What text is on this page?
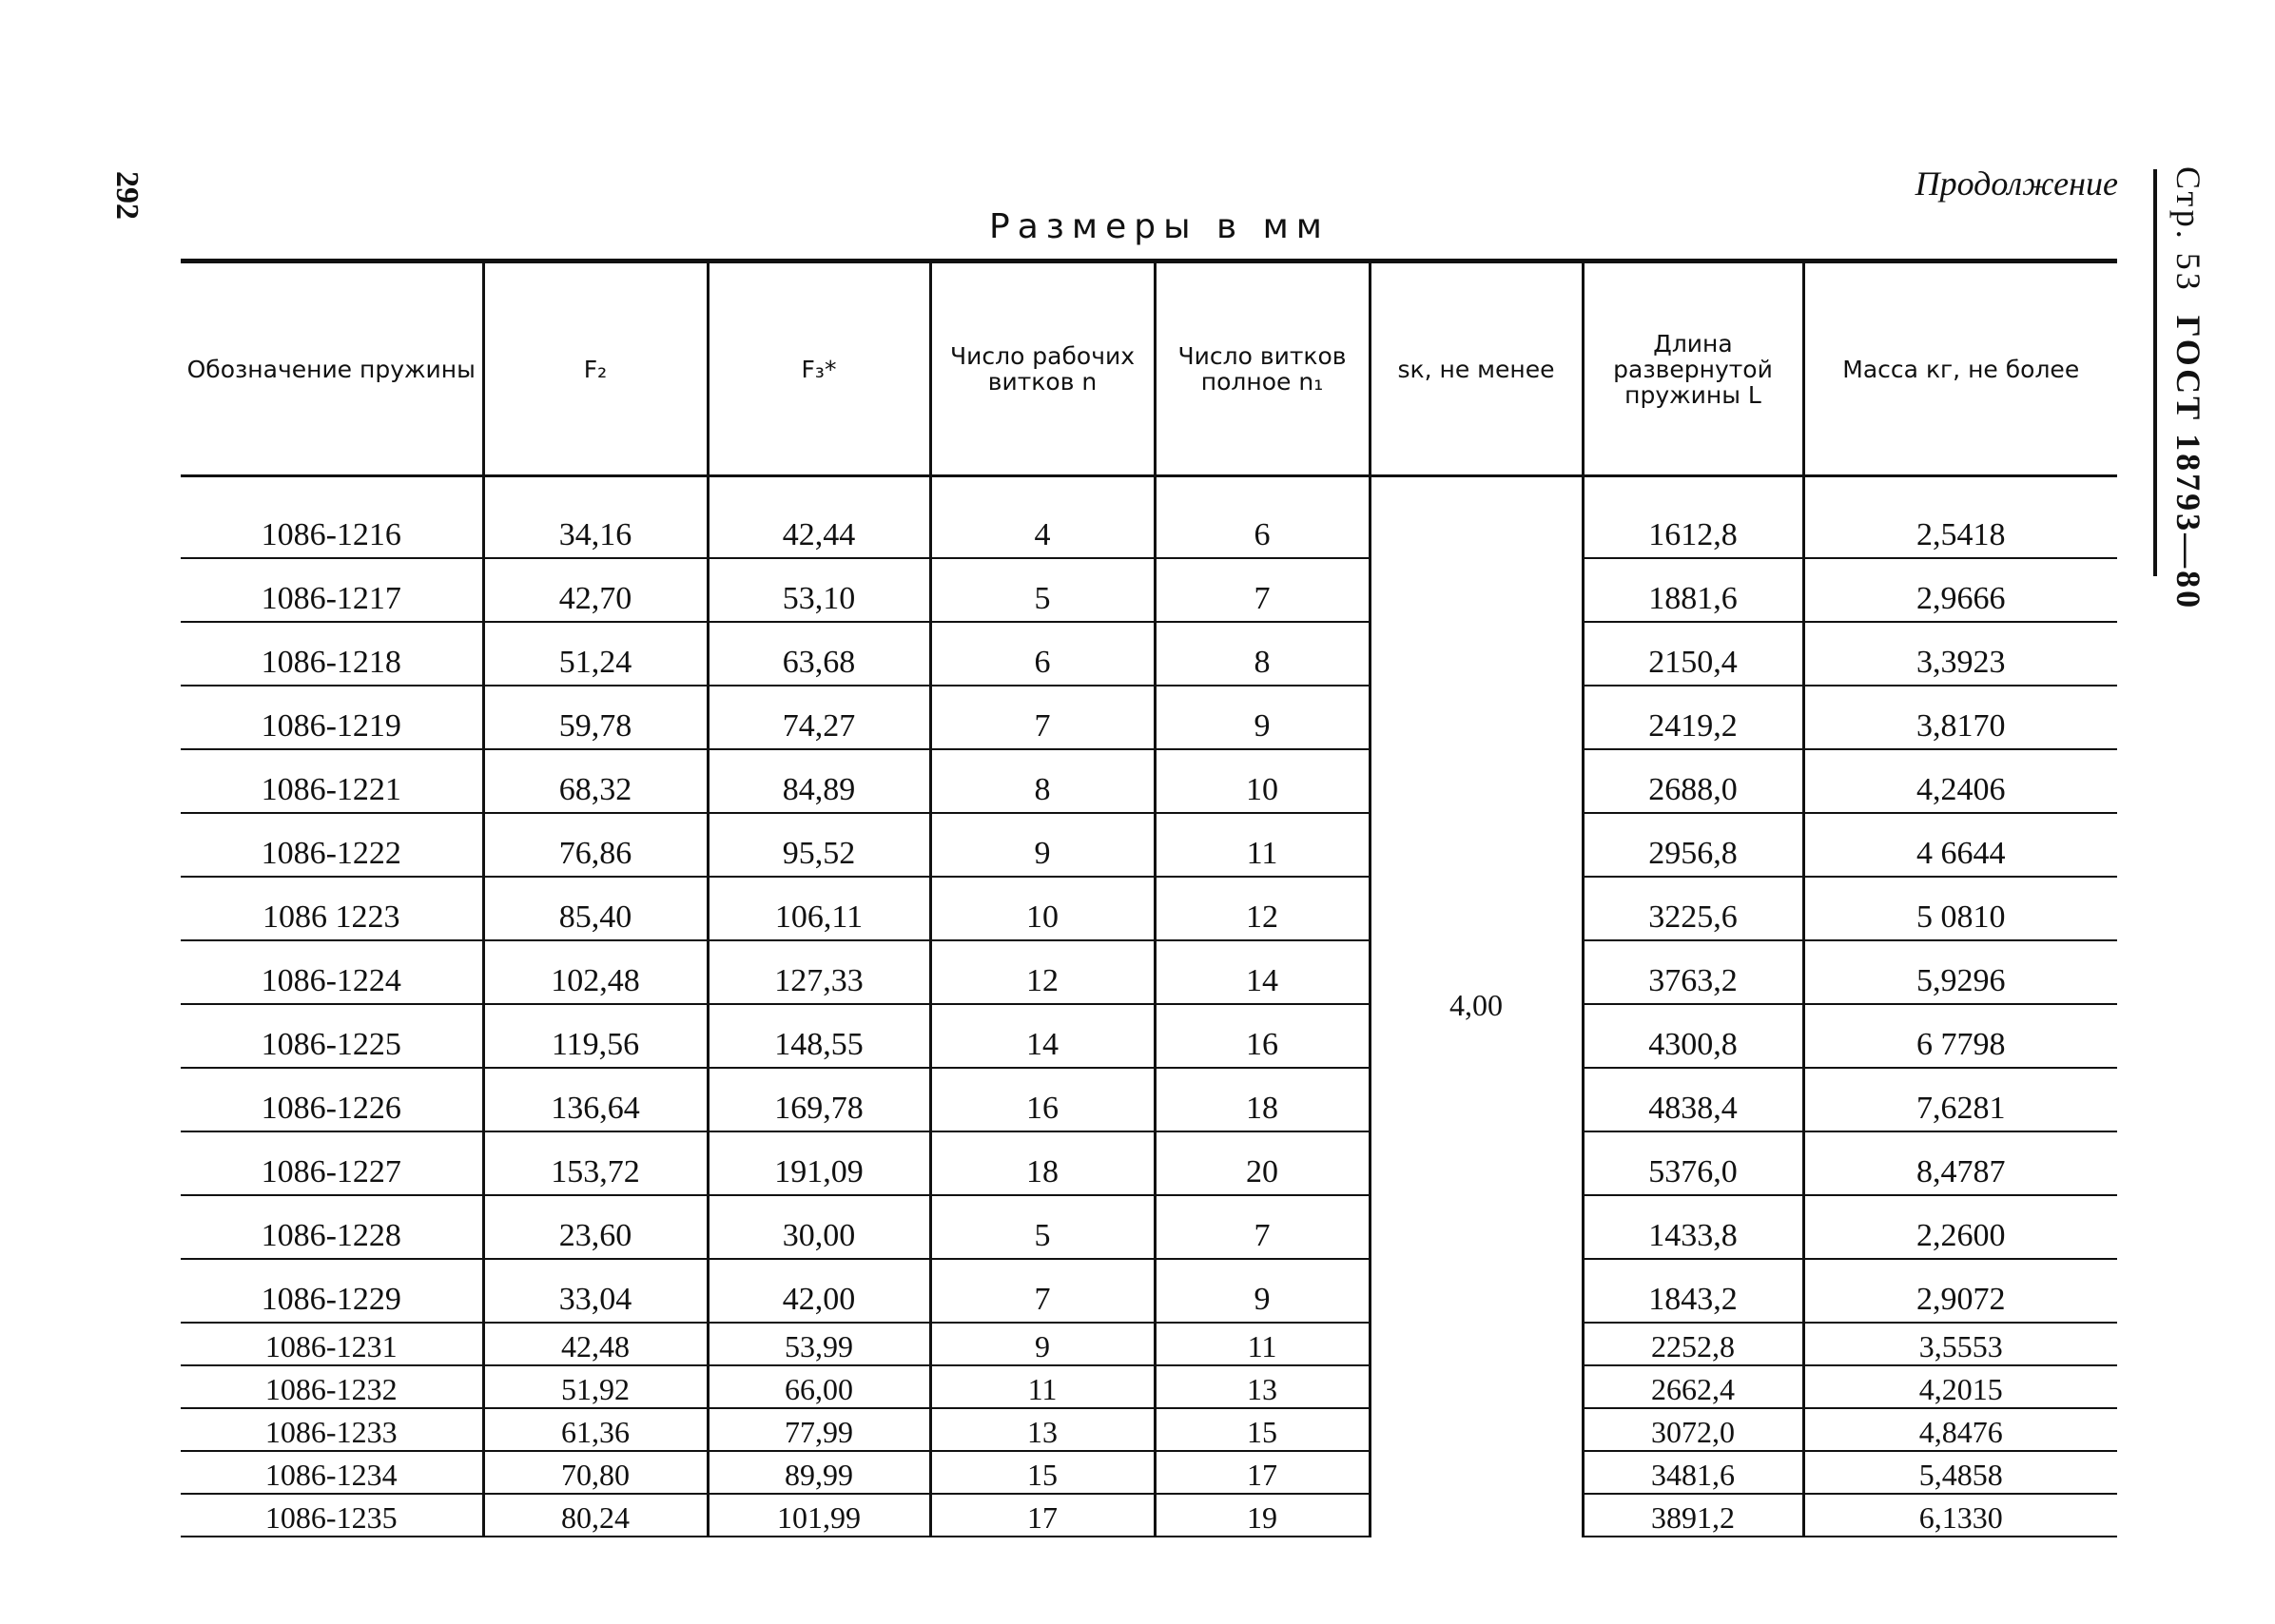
292	Продолжение Стр. 53  ГОСТ 18793—80
Размеры в мм
Обозначение пружины	F₂	F₃*	Число рабочих витков n	Число витков полное n₁	sк, не менее	Длина развернутой пружины L	Масса кг, не более
1086-1216	34,16	42,44	4	6	4,00	1612,8	2,5418
1086-1217	42,70	53,10	5	7		1881,6	2,9666
1086-1218	51,24	63,68	6	8		2150,4	3,3923
1086-1219	59,78	74,27	7	9		2419,2	3,8170
1086-1221	68,32	84,89	8	10		2688,0	4,2406
1086-1222	76,86	95,52	9	11		2956,8	4 6644
1086 1223	85,40	106,11	10	12		3225,6	5 0810
1086-1224	102,48	127,33	12	14		3763,2	5,9296
1086-1225	119,56	148,55	14	16		4300,8	6 7798
1086-1226	136,64	169,78	16	18		4838,4	7,6281
1086-1227	153,72	191,09	18	20		5376,0	8,4787
1086-1228	23,60	30,00	5	7		1433,8	2,2600
1086-1229	33,04	42,00	7	9		1843,2	2,9072
1086-1231	42,48	53,99	9	11		2252,8	3,5553
1086-1232	51,92	66,00	11	13		2662,4	4,2015
1086-1233	61,36	77,99	13	15		3072,0	4,8476
1086-1234	70,80	89,99	15	17		3481,6	5,4858
1086-1235	80,24	101,99	17	19		3891,2	6,1330
